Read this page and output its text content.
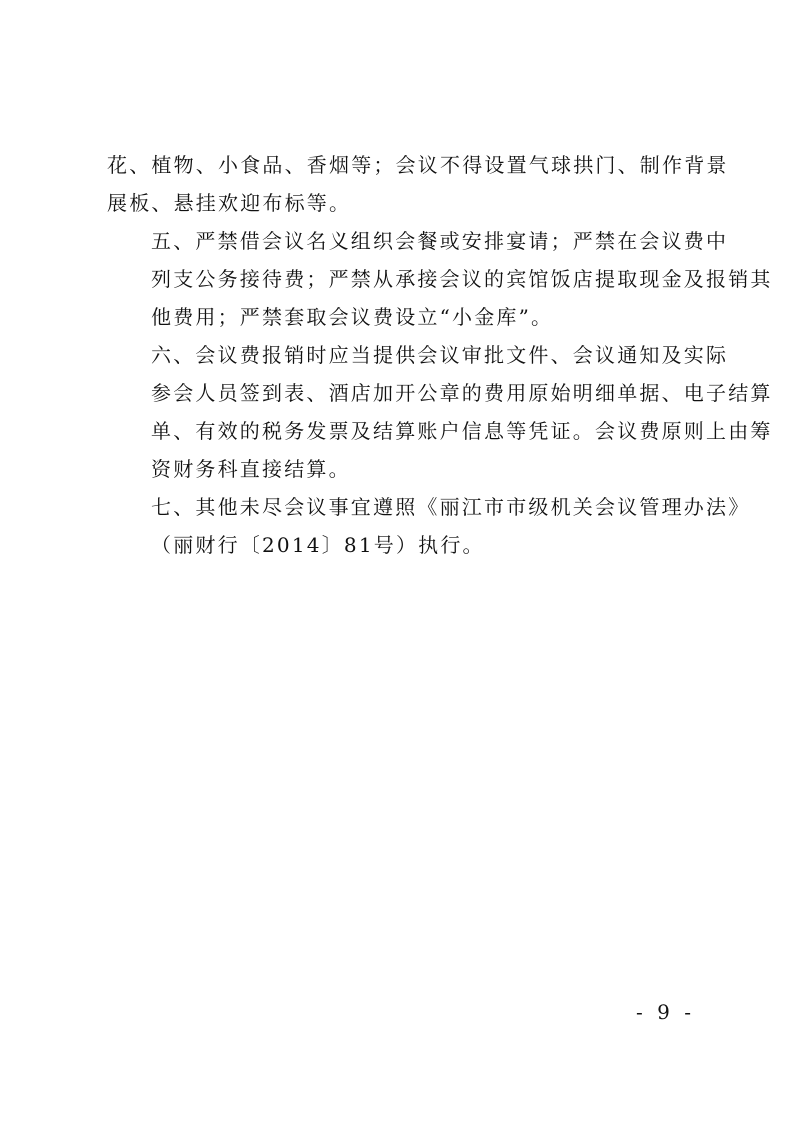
花、植物、小食品、香烟等；会议不得设置气球拱门、制作背景
展板、悬挂欢迎布标等。

五、严禁借会议名义组织会餐或安排宴请；严禁在会议费中
列支公务接待费；严禁从承接会议的宾馆饭店提取现金及报销其
他费用；严禁套取会议费设立“小金库”。

六、会议费报销时应当提供会议审批文件、会议通知及实际
参会人员签到表、酒店加开公章的费用原始明细单据、电子结算
单、有效的税务发票及结算账户信息等凭证。会议费原则上由筹
资财务科直接结算。

七、其他未尽会议事宜遵照《丽江市市级机关会议管理办法》
（丽财行〔2014〕81号）执行。

- 9 -
